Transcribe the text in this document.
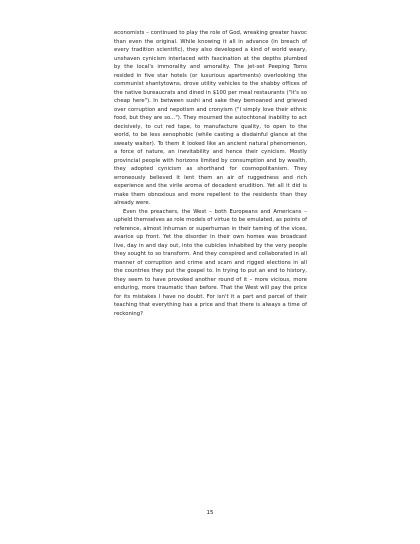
economists – continued to play the role of God, wreaking greater havoc than even the original. While knowing it all in advance (in breach of every tradition scientific), they also developed a kind of world weary, unshaven cynicism interlaced with fascination at the depths plumbed by the local's immorality and amorality. The jet-set Peeping Toms resided in five star hotels (or luxurious apartments) overlooking the communist shantytowns, drove utility vehicles to the shabby offices of the native bureaucrats and dined in $100 per meal restaurants ("it's so cheap here"). In between sushi and sake they bemoaned and grieved over corruption and nepotism and cronyism ("I simply love their ethnic food, but they are so..."). They mourned the autochtonal inability to act decisively, to cut red tape, to manufacture quality, to open to the world, to be less xenophobic (while casting a disdainful glance at the sweaty waiter). To them it looked like an ancient natural phenomenon, a force of nature, an inevitability and hence their cynicism. Mostly provincial people with horizons limited by consumption and by wealth, they adopted cynicism as shorthand for cosmopolitanism. They erroneously believed it lent them an air of ruggedness and rich experience and the virile aroma of decadent erudition. Yet all it did is make them obnoxious and more repellent to the residents than they already were.

Even the preachers, the West – both Europeans and Americans – upheld themselves as role models of virtue to be emulated, as points of reference, almost inhuman or superhuman in their taming of the vices, avarice up front. Yet the disorder in their own homes was broadcast live, day in and day out, into the cubicles inhabited by the very people they sought to so transform. And they conspired and collaborated in all manner of corruption and crime and scam and rigged elections in all the countries they put the gospel to. In trying to put an end to history, they seem to have provoked another round of it – more vicious, more enduring, more traumatic than before. That the West will pay the price for its mistakes I have no doubt. For isn't it a part and parcel of their teaching that everything has a price and that there is always a time of reckoning?

15
